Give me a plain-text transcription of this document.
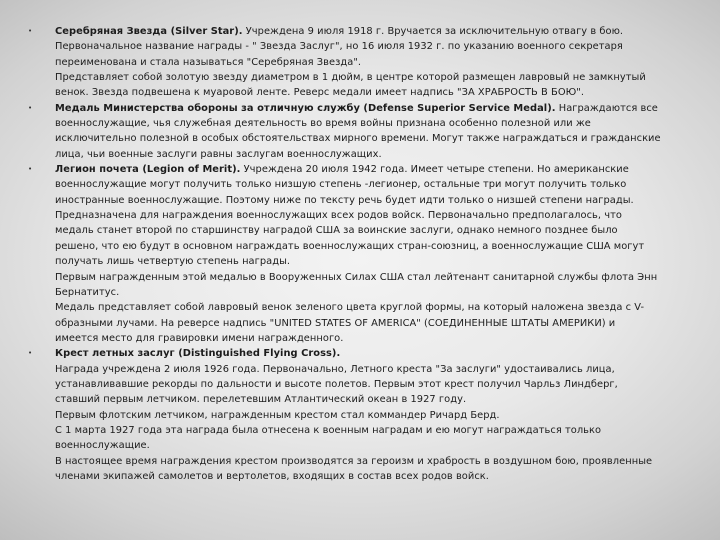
• Серебряная Звезда (Silver Star). Учреждена 9 июля 1918 г. Вручается за исключительную отвагу в бою.
Первоначальное название награды - " Звезда Заслуг", но 16 июля 1932 г. по указанию военного секретаря
переименована и стала называться "Серебряная Звезда".
Представляет собой золотую звезду диаметром в 1 дюйм, в центре которой размещен лавровый не замкнутый
венок. Звезда подвешена к муаровой ленте. Реверс медали имеет надпись "ЗА ХРАБРОСТЬ В БОЮ".
• Медаль Министерства обороны за отличную службу (Defense Superior Service Medal). Награждаются все
военнослужащие, чья служебная деятельность во время войны признана особенно полезной или же
исключительно полезной в особых обстоятельствах мирного времени. Могут также награждаться и гражданские
лица, чьи военные заслуги равны заслугам военнослужащих.
• Легион почета (Legion of Merit). Учреждена 20 июля 1942 года. Имеет четыре степени. Но американские
военнослужащие могут получить только низшую степень -легионер, остальные три могут получить только
иностранные военнослужащие. Поэтому ниже по тексту речь будет идти только о низшей степени награды.
Предназначена для награждения военнослужащих всех родов войск. Первоначально предполагалось, что
медаль станет второй по старшинству наградой США за воинские заслуги, однако немного позднее было
решено, что ею будут в основном награждать военнослужащих стран-союзниц, а военнослужащие США могут
получать лишь четвертую степень награды.
Первым награжденным этой медалью в Вооруженных Силах США стал лейтенант санитарной службы флота Энн
Бернатитус.
Медаль представляет собой лавровый венок зеленого цвета круглой формы, на который наложена звезда с V-
образными лучами. На реверсе надпись "UNITED STATES OF AMERICA" (СОЕДИНЕННЫЕ ШТАТЫ АМЕРИКИ) и
имеется место для гравировки имени награжденного.
• Крест летных заслуг (Distinguished Flying Cross).
Награда учреждена 2 июля 1926 года. Первоначально, Летного креста "За заслуги" удостаивались лица,
устанавливавшие рекорды по дальности и высоте полетов. Первым этот крест получил Чарльз Линдберг,
ставший первым летчиком. перелетевшим Атлантический океан в 1927 году.
Первым флотским летчиком, награжденным крестом стал коммандер Ричард Берд.
С 1 марта 1927 года эта награда была отнесена к военным наградам и ею могут награждаться только
военнослужащие.
В настоящее время награждения крестом производятся за героизм и храбрость в воздушном бою, проявленные
членами экипажей самолетов и вертолетов, входящих в состав всех родов войск.
